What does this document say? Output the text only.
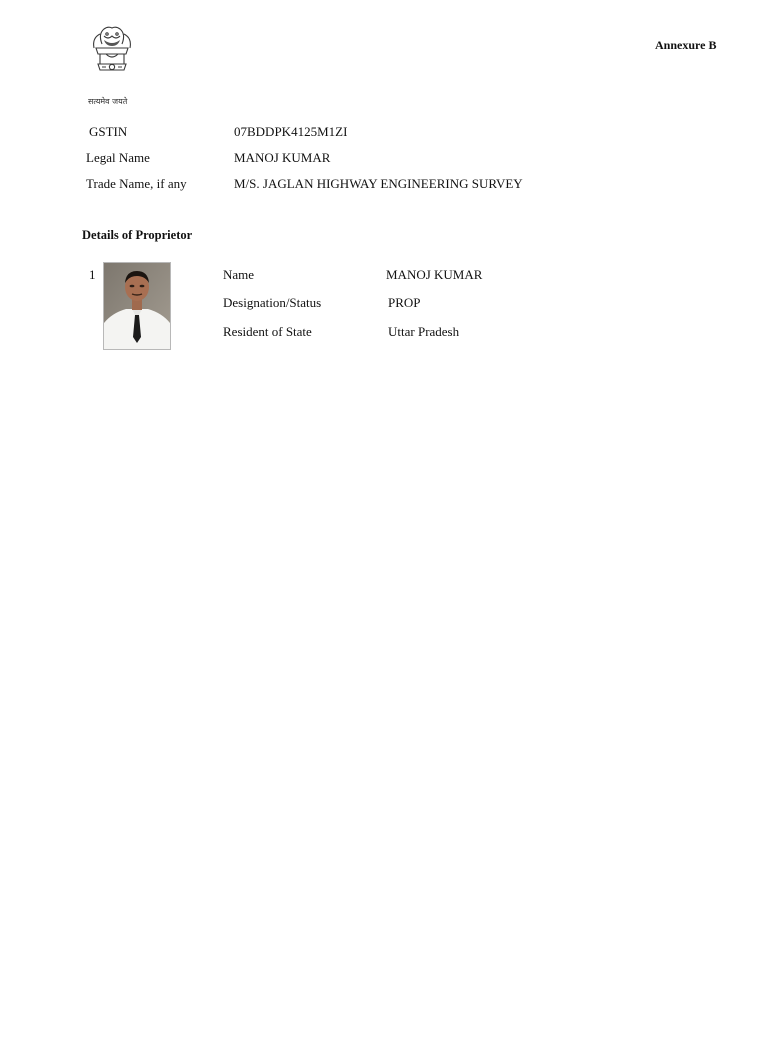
सत्यमेव जयते
Annexure B
GSTIN	07BDDPK4125M1ZI
Legal Name	MANOJ KUMAR
Trade Name, if any	M/S. JAGLAN HIGHWAY ENGINEERING SURVEY
Details of Proprietor
1	Name	MANOJ KUMAR
Designation/Status	PROP
Resident of State	Uttar Pradesh
